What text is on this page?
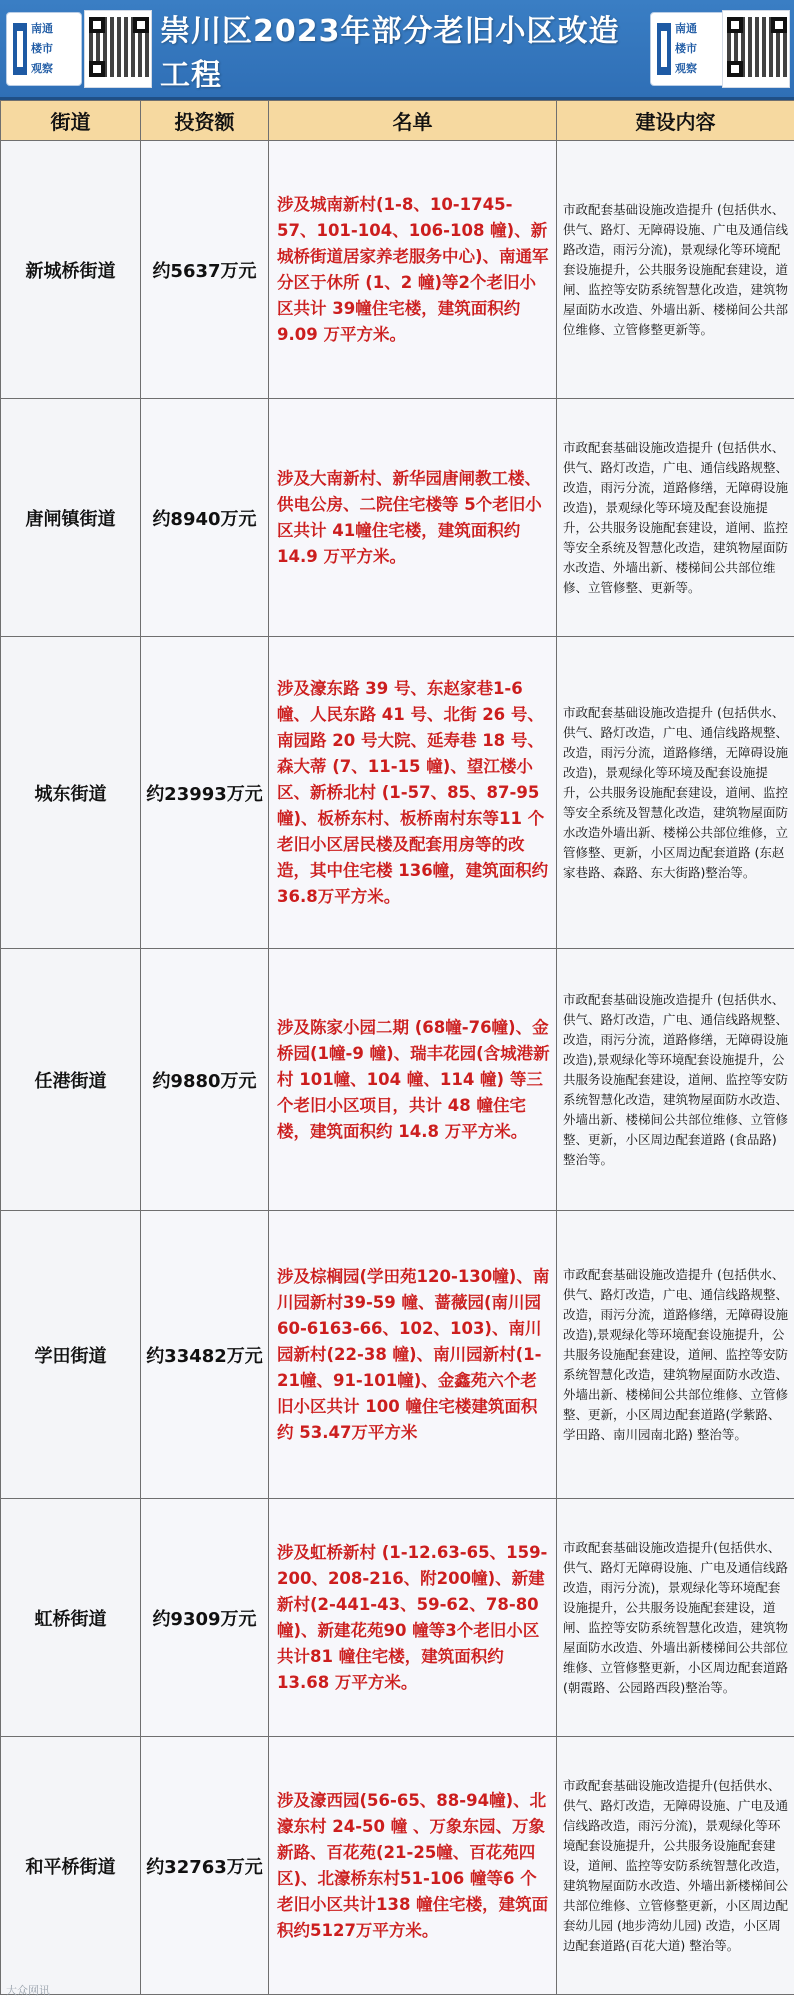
南通
楼市
观察
崇川区2023年部分老旧小区改造工程
南通
楼市
观察
街道	投资额	名单	建设内容
新城桥街道	约5637万元	涉及城南新村(1-8、10-1745-57、101-104、106-108 幢)、新城桥街道居家养老服务中心)、南通军分区于休所 (1、2 幢)等2个老旧小区共计 39幢住宅楼，建筑面积约 9.09 万平方米。	市政配套基础设施改造提升 (包括供水、供气、路灯、无障碍设施、广电及通信线路改造，雨污分流)，景观绿化等环境配套设施提升，公共服务设施配套建设，道闸、监控等安防系统智慧化改造，建筑物屋面防水改造、外墙出新、楼梯间公共部位维修、立管修整更新等。
唐闸镇街道	约8940万元	涉及大南新村、新华园唐闸教工楼、供电公房、二院住宅楼等 5个老旧小区共计 41幢住宅楼，建筑面积约 14.9 万平方米。	市政配套基础设施改造提升 (包括供水、供气、路灯改造，广电、通信线路规整、改造，雨污分流，道路修缮，无障碍设施改造)，景观绿化等环境及配套设施提升，公共服务设施配套建设，道闸、监控等安全系统及智慧化改造，建筑物屋面防水改造、外墙出新、楼梯间公共部位维修、立管修整、更新等。
城东街道	约23993万元	涉及濠东路 39 号、东赵家巷1-6 幢、人民东路 41 号、北街 26 号、南园路 20 号大院、延寿巷 18 号、森大蒂 (7、11-15 幢)、望江楼小区、新桥北村 (1-57、85、87-95 幢)、板桥东村、板桥南村东等11 个老旧小区居民楼及配套用房等的改造，其中住宅楼 136幢，建筑面积约 36.8万平方米。	市政配套基础设施改造提升 (包括供水、供气、路灯改造，广电、通信线路规整、改造，雨污分流，道路修缮，无障碍设施改造)，景观绿化等环境及配套设施提升，公共服务设施配套建设，道闸、监控等安全系统及智慧化改造，建筑物屋面防水改造外墙出新、楼梯公共部位维修，立管修整、更新，小区周边配套道路 (东赵家巷路、森路、东大街路)整治等。
任港街道	约9880万元	涉及陈家小园二期 (68幢-76幢)、金桥园(1幢-9 幢)、瑞丰花园(含城港新村 101幢、104 幢、114 幢) 等三个老旧小区项目，共计 48 幢住宅楼，建筑面积约 14.8 万平方米。	市政配套基础设施改造提升 (包括供水、供气、路灯改造，广电、通信线路规整、改造，雨污分流，道路修缮，无障碍设施改造),景观绿化等环境配套设施提升，公共服务设施配套建设，道闸、监控等安防系统智慧化改造，建筑物屋面防水改造、外墙出新、楼梯间公共部位维修、立管修整、更新，小区周边配套道路 (食品路) 整治等。
学田街道	约33482万元	涉及棕榈园(学田苑120-130幢)、南川园新村39-59 幢、蔷薇园(南川园 60-6163-66、102、103)、南川园新村(22-38 幢)、南川园新村(1-21幢、91-101幢)、金鑫苑六个老旧小区共计 100 幢住宅楼建筑面积约 53.47万平方米	市政配套基础设施改造提升 (包括供水、供气、路灯改造，广电、通信线路规整、改造，雨污分流，道路修缮，无障碍设施改造),景观绿化等环境配套设施提升，公共服务设施配套建设，道闸、监控等安防系统智慧化改造，建筑物屋面防水改造、外墙出新、楼梯间公共部位维修、立管修整、更新，小区周边配套道路(学紫路、学田路、南川园南北路) 整治等。
虹桥街道	约9309万元	涉及虹桥新村 (1-12.63-65、159-200、208-216、附200幢)、新建新村(2-441-43、59-62、78-80幢)、新建花苑90 幢等3个老旧小区共计81 幢住宅楼，建筑面积约 13.68 万平方米。	市政配套基础设施改造提升(包括供水、供气、路灯无障碍设施、广电及通信线路改造，雨污分流)，景观绿化等环境配套设施提升，公共服务设施配套建设，道闸、监控等安防系统智慧化改造，建筑物屋面防水改造、外墙出新楼梯间公共部位维修、立管修整更新，小区周边配套道路(朝霞路、公园路西段)整治等。
和平桥街道	约32763万元	涉及濠西园(56-65、88-94幢)、北濠东村 24-50 幢 、万象东园、万象新路、百花苑(21-25幢、百花苑四区)、北濠桥东村51-106 幢等6 个老旧小区共计138 幢住宅楼，建筑面积约5127万平方米。	市政配套基础设施改造提升(包括供水、供气、路灯改造，无障碍设施、广电及通信线路改造，雨污分流)，景观绿化等环境配套设施提升，公共服务设施配套建设，道闸、监控等安防系统智慧化改造，建筑物屋面防水改造、外墙出新楼梯间公共部位维修、立管修整更新，小区周边配套幼儿园 (地步湾幼儿园) 改造，小区周边配套道路(百花大道) 整治等。
大众网讯
